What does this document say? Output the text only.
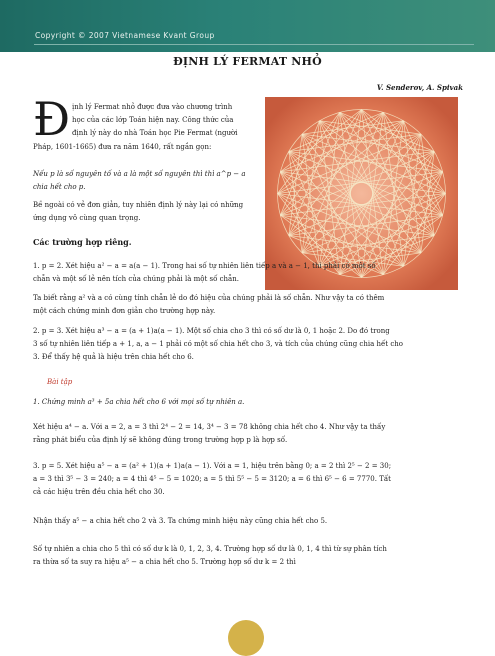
Copyright © 2007 Vietnamese Kvant Group
ĐỊNH LÝ FERMAT NHỎ
V. Senderov, A. Spivak
Đ ịnh lý Fermat nhỏ được đưa vào chương trình
học của các lớp Toán hiện nay. Công thức của
định lý này do nhà Toán học Pie Fermat (người
Pháp, 1601-1665) đưa ra năm 1640, rất ngắn gọn:
Nếu p là số nguyên tố và a là một số nguyên thì thì a^p − a
chia hết cho p.
Bề ngoài có vẻ đơn giản, tuy nhiên định lý này lại có những
ứng dụng vô cùng quan trọng.
Các trường hợp riêng.
1. p = 2. Xét hiệu a² − a = a(a − 1). Trong hai số tự nhiên liên tiếp a và a − 1, thì phải có một số
chẵn và một số lẻ nên tích của chúng phải là một số chẵn.
Ta biết rằng a² và a có cùng tính chẵn lẻ do đó hiệu của chúng phải là số chẵn. Như vậy ta có thêm
một cách chứng minh đơn giản cho trường hợp này.
2. p = 3. Xét hiệu a³ − a = (a + 1)a(a − 1). Một số chia cho 3 thì có số dư là 0, 1 hoặc 2. Do đó trong
3 số tự nhiên liên tiếp a + 1, a, a − 1 phải có một số chia hết cho 3, và tích của chúng cũng chia hết cho
3. Để thấy hệ quả là hiệu trên chia hết cho 6.
Bài tập
1. Chứng minh a³ + 5a chia hết cho 6 với mọi số tự nhiên a.
Xét hiệu a⁴ − a. Với a = 2, a = 3 thì 2⁴ − 2 = 14, 3⁴ − 3 = 78 không chia hết cho 4. Như vậy ta thấy
rằng phát biểu của định lý sẽ không đúng trong trường hợp p là hợp số.
3. p = 5. Xét hiệu a⁵ − a = (a² + 1)(a + 1)a(a − 1). Với a = 1, hiệu trên bằng 0; a = 2 thì 2⁵ − 2 = 30;
a = 3 thì 3⁵ − 3 = 240; a = 4 thì 4⁵ − 5 = 1020; a = 5 thì 5⁵ − 5 = 3120; a = 6 thì 6⁵ − 6 = 7770. Tất
cả các hiệu trên đều chia hết cho 30.
Nhận thấy a⁵ − a chia hết cho 2 và 3. Ta chứng minh hiệu này cũng chia hết cho 5.
Số tự nhiên a chia cho 5 thì có số dư k là 0, 1, 2, 3, 4. Trường hợp số dư là 0, 1, 4 thì từ sự phân tích
ra thừa số ta suy ra hiệu a⁵ − a chia hết cho 5. Trường hợp số dư k = 2 thì
